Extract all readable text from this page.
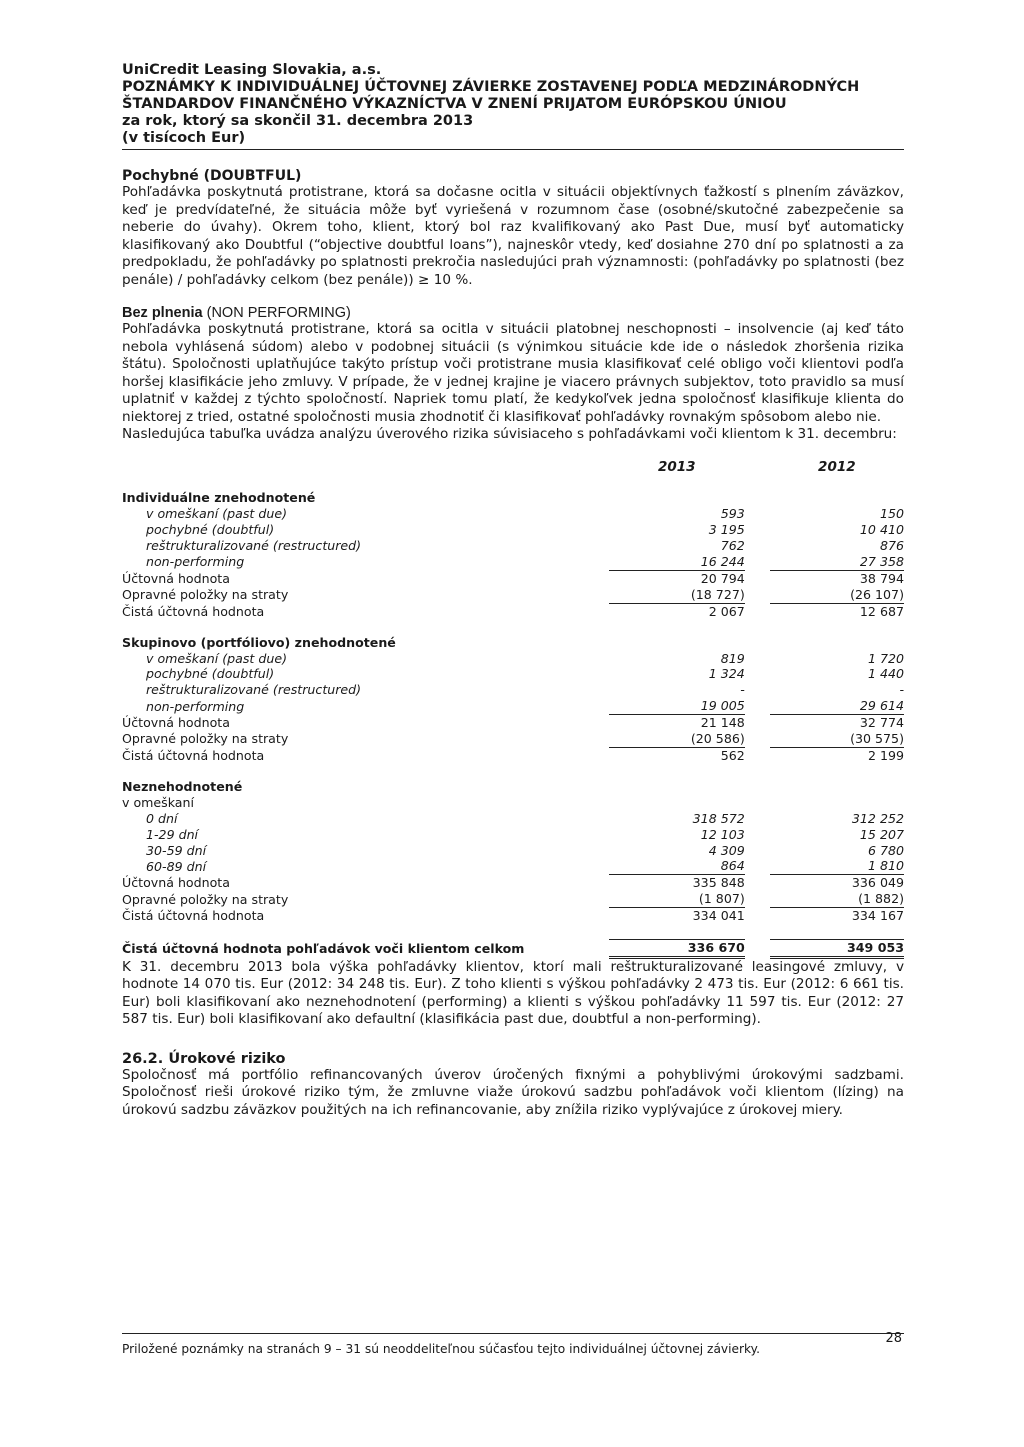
UniCredit Leasing Slovakia, a.s.
POZNÁMKY K INDIVIDUÁLNEJ ÚČTOVNEJ ZÁVIERKE ZOSTAVENEJ PODĽA MEDZINÁRODNÝCH
ŠTANDARDOV FINANČNÉHO VÝKAZNÍCTVA V ZNENÍ PRIJATOM EURÓPSKOU ÚNIOU
za rok, ktorý sa skončil 31. decembra 2013
(v tisícoch Eur)
Pochybné (DOUBTFUL)

Pohľadávka poskytnutá protistrane, ktorá sa dočasne ocitla v situácii objektívnych ťažkostí s plnením záväzkov, keď je predvídateľné, že situácia môže byť vyriešená v rozumnom čase (osobné/skutočné zabezpečenie sa neberie do úvahy). Okrem toho, klient, ktorý bol raz kvalifikovaný ako Past Due, musí byť automaticky klasifikovaný ako Doubtful (“objective doubtful loans”), najneskôr vtedy, keď dosiahne 270 dní po splatnosti a za predpokladu, že pohľadávky po splatnosti prekročia nasledujúci prah významnosti: (pohľadávky po splatnosti (bez penále) / pohľadávky celkom (bez penále)) ≥ 10 %.

Bez plnenia (NON PERFORMING)

Pohľadávka poskytnutá protistrane, ktorá sa ocitla v situácii platobnej neschopnosti – insolvencie (aj keď táto nebola vyhlásená súdom) alebo v podobnej situácii (s výnimkou situácie kde ide o následok zhoršenia rizika štátu). Spoločnosti uplatňujúce takýto prístup voči protistrane musia klasifikovať celé obligo voči klientovi podľa horšej klasifikácie jeho zmluvy. V prípade, že v jednej krajine je viacero právnych subjektov, toto pravidlo sa musí uplatniť v každej z týchto spoločností. Napriek tomu platí, že kedykoľvek jedna spoločnosť klasifikuje klienta do niektorej z tried, ostatné spoločnosti musia zhodnotiť či klasifikovať pohľadávky rovnakým spôsobom alebo nie.

Nasledujúca tabuľka uvádza analýzu úverového rizika súvisiaceho s pohľadávkami voči klientom k 31. decembru:

		2013		2012

Individuálne znehodnotené				
v omeškaní (past due)		593		150
pochybné (doubtful)		3 195		10 410
reštrukturalizované (restructured)		762		876
non-performing		16 244		27 358
Účtovná hodnota		20 794		38 794
Opravné položky na straty		(18 727)		(26 107)
Čistá účtovná hodnota		2 067		12 687

Skupinovo (portfóliovo) znehodnotené				
v omeškaní (past due)		819		1 720
pochybné (doubtful)		1 324		1 440
reštrukturalizované (restructured)		-		-
non-performing		19 005		29 614
Účtovná hodnota		21 148		32 774
Opravné položky na straty		(20 586)		(30 575)
Čistá účtovná hodnota		562		2 199

Neznehodnotené				
v omeškaní				
0 dní		318 572		312 252
1-29 dní		12 103		15 207
30-59 dní		4 309		6 780
60-89 dní		864		1 810
Účtovná hodnota		335 848		336 049
Opravné položky na straty		(1 807)		(1 882)
Čistá účtovná hodnota		334 041		334 167

Čistá účtovná hodnota pohľadávok voči klientom celkom		336 670		349 053

K 31. decembru 2013 bola výška pohľadávky klientov, ktorí mali reštrukturalizované leasingové zmluvy, v hodnote 14 070 tis. Eur (2012: 34 248 tis. Eur). Z toho klienti s výškou pohľadávky 2 473 tis. Eur (2012: 6 661 tis. Eur) boli klasifikovaní ako neznehodnotení (performing) a klienti s výškou pohľadávky 11 597 tis. Eur (2012: 27 587 tis. Eur) boli klasifikovaní ako defaultní (klasifikácia past due, doubtful a non-performing).

26.2. Úrokové riziko

Spoločnosť má portfólio refinancovaných úverov úročených fixnými a pohyblivými úrokovými sadzbami. Spoločnosť rieši úrokové riziko tým, že zmluvne viaže úrokovú sadzbu pohľadávok voči klientom (lízing) na úrokovú sadzbu záväzkov použitých na ich refinancovanie, aby znížila riziko vyplývajúce z úrokovej miery.

Priložené poznámky na stranách 9 – 31 sú neoddeliteľnou súčasťou tejto individuálnej účtovnej závierky.
28
